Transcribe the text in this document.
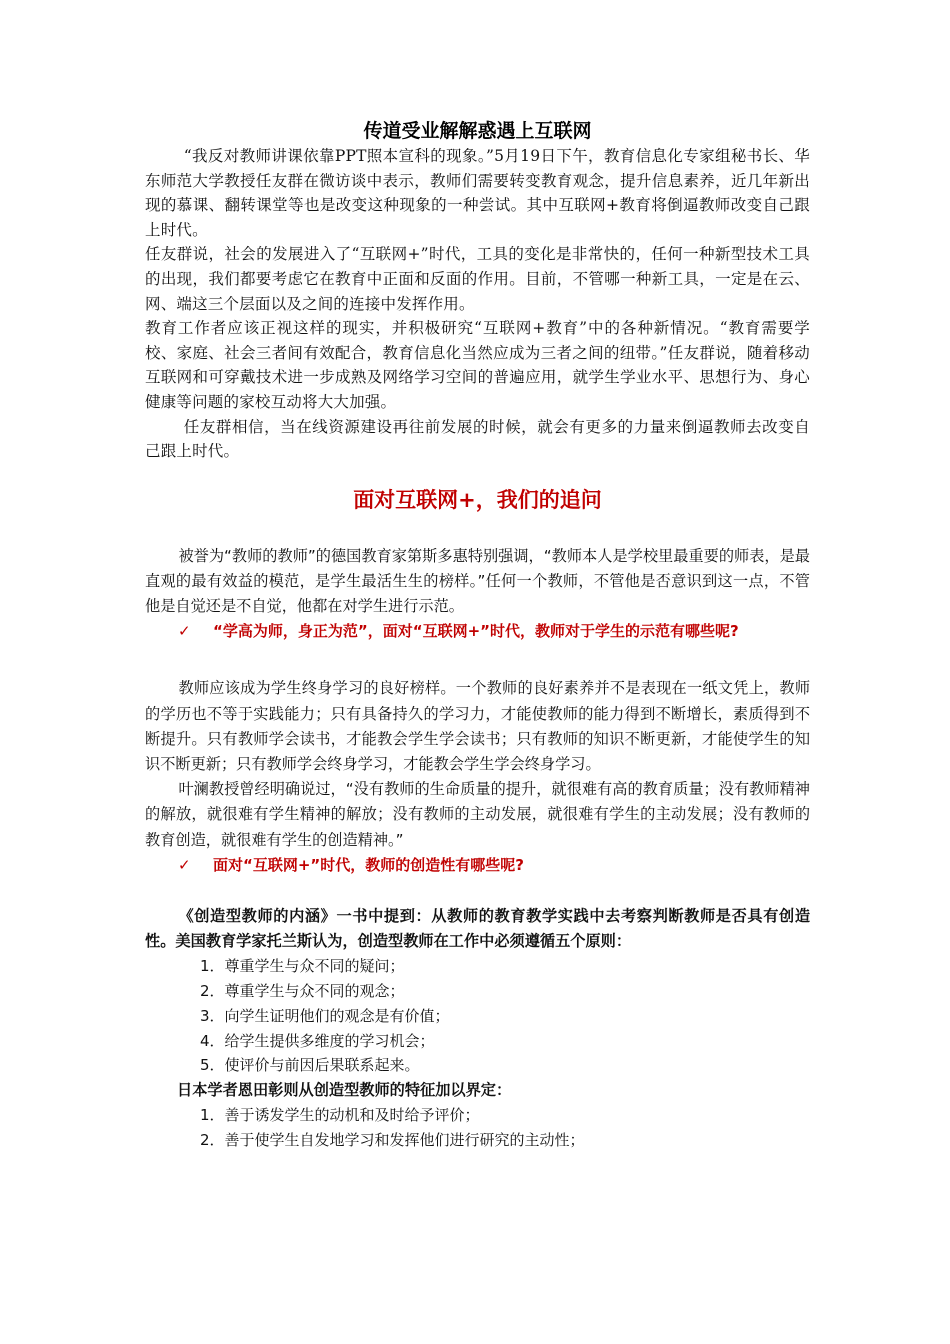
传道受业解解惑遇上互联网

“我反对教师讲课依靠PPT照本宣科的现象。”5月19日下午，教育信息化专家组秘书长、华东师范大学教授任友群在微访谈中表示，教师们需要转变教育观念，提升信息素养，近几年新出现的慕课、翻转课堂等也是改变这种现象的一种尝试。其中互联网+教育将倒逼教师改变自己跟上时代。

任友群说，社会的发展进入了“互联网+”时代，工具的变化是非常快的，任何一种新型技术工具的出现，我们都要考虑它在教育中正面和反面的作用。目前，不管哪一种新工具，一定是在云、网、端这三个层面以及之间的连接中发挥作用。

教育工作者应该正视这样的现实，并积极研究“互联网+教育”中的各种新情况。“教育需要学校、家庭、社会三者间有效配合，教育信息化当然应成为三者之间的纽带。”任友群说，随着移动互联网和可穿戴技术进一步成熟及网络学习空间的普遍应用，就学生学业水平、思想行为、身心健康等问题的家校互动将大大加强。

任友群相信，当在线资源建设再往前发展的时候，就会有更多的力量来倒逼教师去改变自己跟上时代。

面对互联网+，我们的追问

被誉为“教师的教师”的德国教育家第斯多惠特别强调，“教师本人是学校里最重要的师表，是最直观的最有效益的模范，是学生最活生生的榜样。”任何一个教师，不管他是否意识到这一点，不管他是自觉还是不自觉，他都在对学生进行示范。

✓	“学高为师，身正为范”，面对“互联网+”时代，教师对于学生的示范有哪些呢?

教师应该成为学生终身学习的良好榜样。一个教师的良好素养并不是表现在一纸文凭上，教师的学历也不等于实践能力；只有具备持久的学习力，才能使教师的能力得到不断增长，素质得到不断提升。只有教师学会读书，才能教会学生学会读书；只有教师的知识不断更新，才能使学生的知识不断更新；只有教师学会终身学习，才能教会学生学会终身学习。

叶澜教授曾经明确说过，“没有教师的生命质量的提升，就很难有高的教育质量；没有教师精神的解放，就很难有学生精神的解放；没有教师的主动发展，就很难有学生的主动发展；没有教师的教育创造，就很难有学生的创造精神。”

✓	面对“互联网+”时代，教师的创造性有哪些呢?

《创造型教师的内涵》一书中提到：从教师的教育教学实践中去考察判断教师是否具有创造性。美国教育学家托兰斯认为，创造型教师在工作中必须遵循五个原则：

1．尊重学生与众不同的疑问；
2．尊重学生与众不同的观念；
3．向学生证明他们的观念是有价值；
4．给学生提供多维度的学习机会；
5．使评价与前因后果联系起来。
日本学者恩田彰则从创造型教师的特征加以界定：
1．善于诱发学生的动机和及时给予评价；
2．善于使学生自发地学习和发挥他们进行研究的主动性；
